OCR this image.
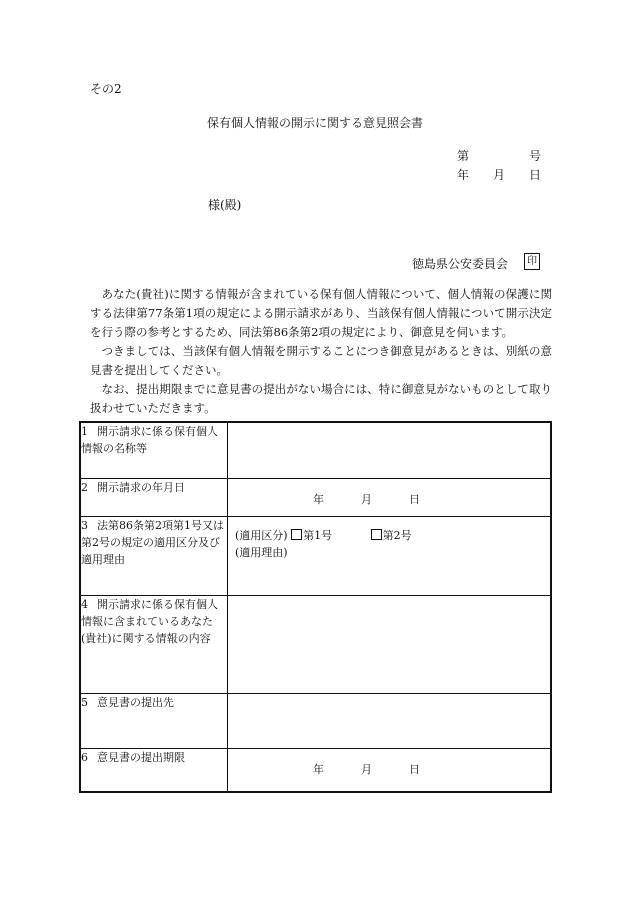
その2
保有個人情報の開示に関する意見照会書
第	号
年 月 日
様(殿)
徳島県公安委員会	印

あなた(貴社)に関する情報が含まれている保有個人情報について、個人情報の保護に関する法律第77条第1項の規定による開示請求があり、当該保有個人情報について開示決定を行う際の参考とするため、同法第86条第2項の規定により、御意見を伺います。

つきましては、当該保有個人情報を開示することにつき御意見があるときは、別紙の意見書を提出してください。

なお、提出期限までに意見書の提出がない場合には、特に御意見がないものとして取り扱わせていただきます。

1 開示請求に係る保有個人情報の名称等	
2 開示請求の年月日	年 月 日

3 法第86条第2項第1号又は第2号の規定の適用区分及び適用理由	(適用区分) 第1号 第2号
(適用理由)

4 開示請求に係る保有個人情報に含まれているあなた(貴社)に関する情報の内容	
5 意見書の提出先	
6 意見書の提出期限	年 月 日
